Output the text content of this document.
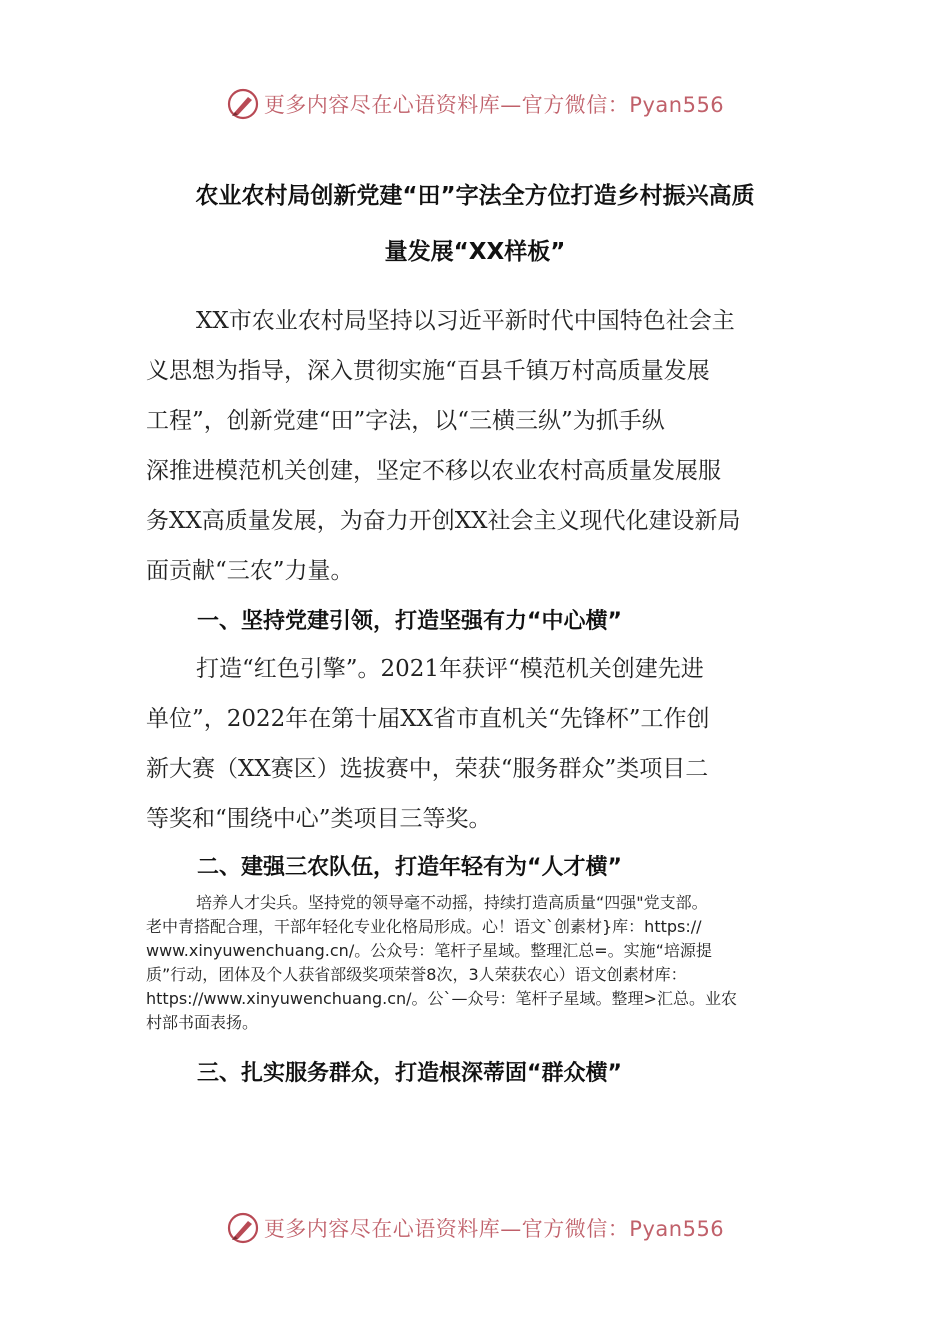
更多内容尽在心语资料库—官方微信：Pyan556
农业农村局创新党建“田”字法全方位打造乡村振兴高质
量发展“XX样板”
XX市农业农村局坚持以习近平新时代中国特色社会主
义思想为指导，深入贯彻实施“百县千镇万村高质量发展
工程”，创新党建“田”字法，以“三横三纵”为抓手纵
深推进模范机关创建，坚定不移以农业农村高质量发展服
务XX高质量发展，为奋力开创XX社会主义现代化建设新局
面贡献“三农”力量。
一、坚持党建引领，打造坚强有力“中心横”
打造“红色引擎”。2021年获评“模范机关创建先进
单位”，2022年在第十届XX省市直机关“先锋杯”工作创
新大赛（XX赛区）选拔赛中，荣获“服务群众”类项目二
等奖和“围绕中心”类项目三等奖。
二、建强三农队伍，打造年轻有为“人才横”
培养人才尖兵。坚持党的领导毫不动摇，持续打造高质量“四强"党支部。
老中青搭配合理，干部年轻化专业化格局形成。心！语文`创素材}库：https://
www.xinyuwenchuang.cn/。公众号：笔杆子星域。整理汇总=。实施“培源提
质”行动，团体及个人获省部级奖项荣誉8次，3人荣获农心）语文创素材库：
https://www.xinyuwenchuang.cn/。公`—众号：笔杆子星域。整理>汇总。业农
村部书面表扬。
三、扎实服务群众，打造根深蒂固“群众横”
更多内容尽在心语资料库—官方微信：Pyan556
